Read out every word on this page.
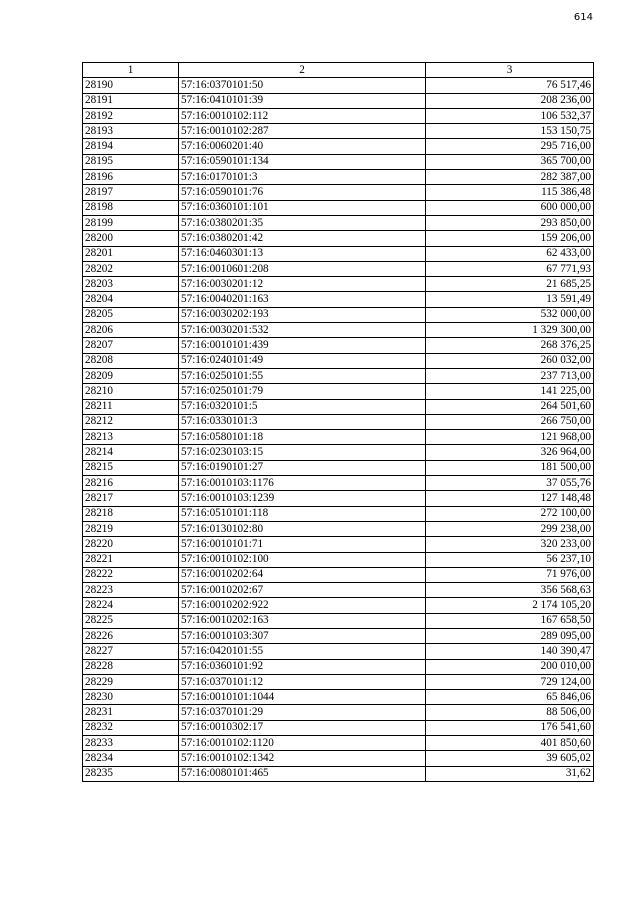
614
1	2	3
28190	57:16:0370101:50	76 517,46
28191	57:16:0410101:39	208 236,00
28192	57:16:0010102:112	106 532,37
28193	57:16:0010102:287	153 150,75
28194	57:16:0060201:40	295 716,00
28195	57:16:0590101:134	365 700,00
28196	57:16:0170101:3	282 387,00
28197	57:16:0590101:76	115 386,48
28198	57:16:0360101:101	600 000,00
28199	57:16:0380201:35	293 850,00
28200	57:16:0380201:42	159 206,00
28201	57:16:0460301:13	62 433,00
28202	57:16:0010601:208	67 771,93
28203	57:16:0030201:12	21 685,25
28204	57:16:0040201:163	13 591,49
28205	57:16:0030202:193	532 000,00
28206	57:16:0030201:532	1 329 300,00
28207	57:16:0010101:439	268 376,25
28208	57:16:0240101:49	260 032,00
28209	57:16:0250101:55	237 713,00
28210	57:16:0250101:79	141 225,00
28211	57:16:0320101:5	264 501,60
28212	57:16:0330101:3	266 750,00
28213	57:16:0580101:18	121 968,00
28214	57:16:0230103:15	326 964,00
28215	57:16:0190101:27	181 500,00
28216	57:16:0010103:1176	37 055,76
28217	57:16:0010103:1239	127 148,48
28218	57:16:0510101:118	272 100,00
28219	57:16:0130102:80	299 238,00
28220	57:16:0010101:71	320 233,00
28221	57:16:0010102:100	56 237,10
28222	57:16:0010202:64	71 976,00
28223	57:16:0010202:67	356 568,63
28224	57:16:0010202:922	2 174 105,20
28225	57:16:0010202:163	167 658,50
28226	57:16:0010103:307	289 095,00
28227	57:16:0420101:55	140 390,47
28228	57:16:0360101:92	200 010,00
28229	57:16:0370101:12	729 124,00
28230	57:16:0010101:1044	65 846,06
28231	57:16:0370101:29	88 506,00
28232	57:16:0010302:17	176 541,60
28233	57:16:0010102:1120	401 850,60
28234	57:16:0010102:1342	39 605,02
28235	57:16:0080101:465	31,62
